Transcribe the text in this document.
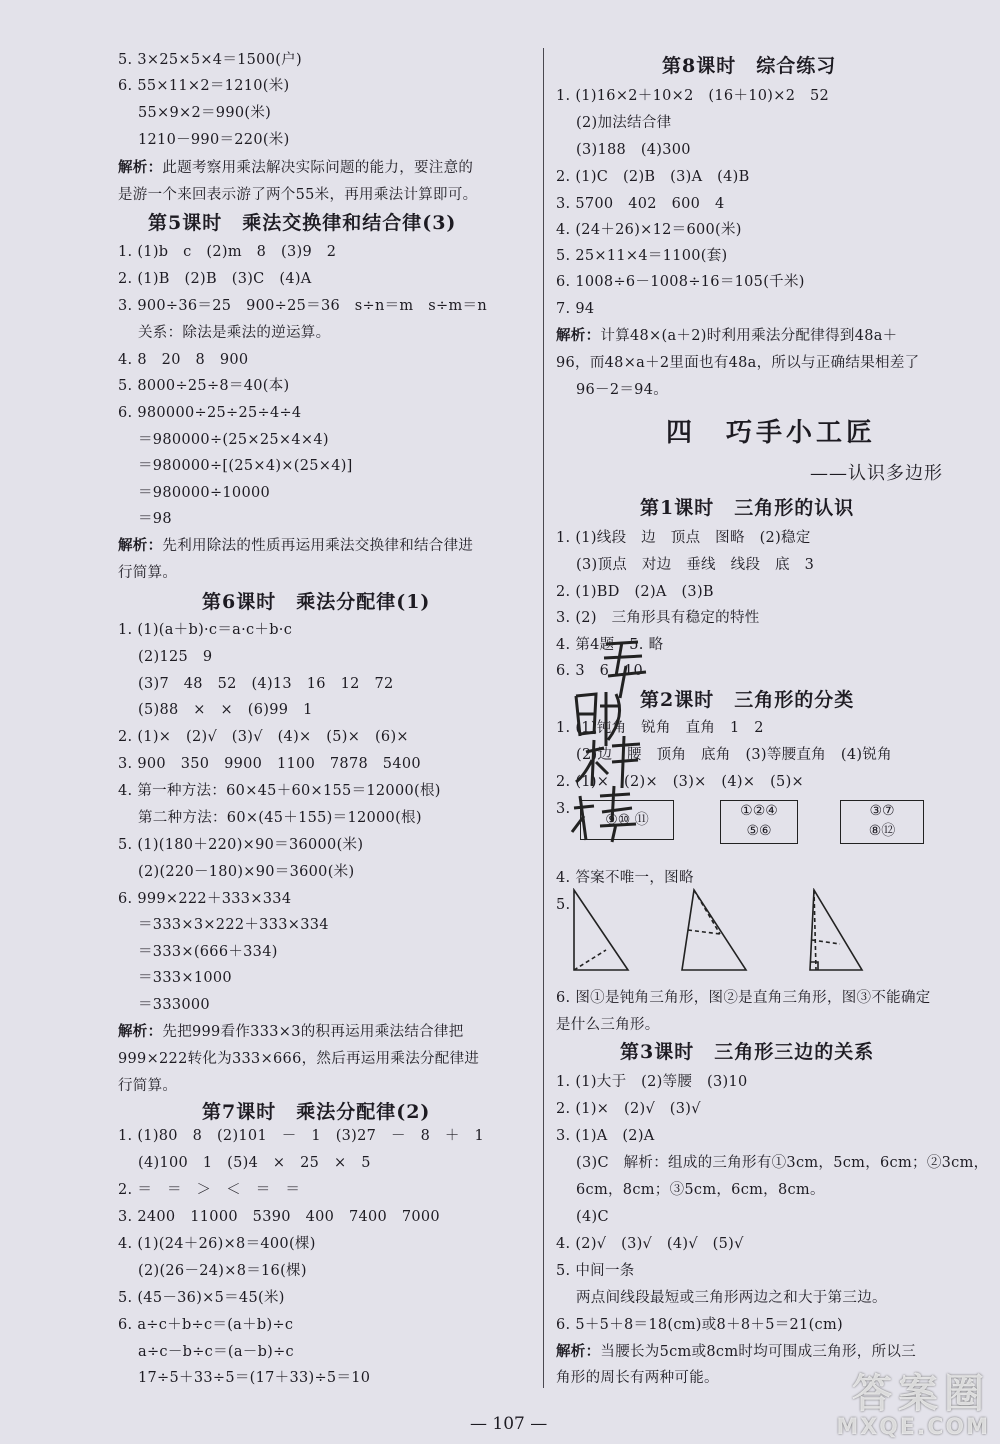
5. 3×25×5×4＝1500(户)
6. 55×11×2＝1210(米)
55×9×2＝990(米)
1210－990＝220(米)
解析：此题考察用乘法解决实际问题的能力，要注意的
是游一个来回表示游了两个55米，再用乘法计算即可。
第5课时　乘法交换律和结合律(3)
1. (1)b　c　(2)m　8　(3)9　2
2. (1)B　(2)B　(3)C　(4)A
3. 900÷36＝25　900÷25＝36　s÷n＝m　s÷m＝n
关系：除法是乘法的逆运算。
4. 8　20　8　900
5. 8000÷25÷8＝40(本)
6. 980000÷25÷25÷4÷4
＝980000÷(25×25×4×4)
＝980000÷[(25×4)×(25×4)]
＝980000÷10000
＝98
解析：先利用除法的性质再运用乘法交换律和结合律进
行简算。
第6课时　乘法分配律(1)
1. (1)(a＋b)·c＝a·c＋b·c
(2)125　9
(3)7　48　52　(4)13　16　12　72
(5)88　×　×　(6)99　1
2. (1)×　(2)√　(3)√　(4)×　(5)×　(6)×
3. 900　350　9900　1100　7878　5400
4. 第一种方法：60×45＋60×155＝12000(根)
第二种方法：60×(45＋155)＝12000(根)
5. (1)(180＋220)×90＝36000(米)
(2)(220－180)×90＝3600(米)
6. 999×222＋333×334
＝333×3×222＋333×334
＝333×(666＋334)
＝333×1000
＝333000
解析：先把999看作333×3的积再运用乘法结合律把
999×222转化为333×666，然后再运用乘法分配律进
行简算。
第7课时　乘法分配律(2)
1. (1)80　8　(2)101　－　1　(3)27　－　8　＋　1
(4)100　1　(5)4　×　25　×　5
2. ＝　＝　＞　＜　＝　＝
3. 2400　11000　5390　400　7400　7000
4. (1)(24＋26)×8＝400(棵)
(2)(26－24)×8＝16(棵)
5. (45－36)×5＝45(米)
6. a÷c＋b÷c＝(a＋b)÷c
a÷c－b÷c＝(a－b)÷c
17÷5＋33÷5＝(17＋33)÷5＝10
第8课时　综合练习
1. (1)16×2＋10×2　(16＋10)×2　52
(2)加法结合律
(3)188　(4)300
2. (1)C　(2)B　(3)A　(4)B
3. 5700　402　600　4
4. (24＋26)×12＝600(米)
5. 25×11×4＝1100(套)
6. 1008÷6－1008÷16＝105(千米)
7. 94
解析：计算48×(a＋2)时利用乘法分配律得到48a＋
96，而48×a＋2里面也有48a，所以与正确结果相差了
96－2＝94。
四　巧手小工匠
——认识多边形
第1课时　三角形的认识
1. (1)线段　边　顶点　图略　(2)稳定
(3)顶点　对边　垂线　线段　底　3
2. (1)BD　(2)A　(3)B
3. (2)　三角形具有稳定的特性
4. 第4题　5. 略
6. 3　6　10
第2课时　三角形的分类
1. (1)钝角　锐角　直角　1　2
(2)边　腰　顶角　底角　(3)等腰直角　(4)锐角
2. (1)×　(2)×　(3)×　(4)×　(5)×
3.
⑨⑩ ⑪
①②④
⑤⑥
③⑦
⑧⑫
4. 答案不唯一，图略
5.
6. 图①是钝角三角形，图②是直角三角形，图③不能确定
是什么三角形。
第3课时　三角形三边的关系
1. (1)大于　(2)等腰　(3)10
2. (1)×　(2)√　(3)√
3. (1)A　(2)A
(3)C　解析：组成的三角形有①3cm，5cm，6cm；②3cm，
6cm，8cm；③5cm，6cm，8cm。
(4)C
4. (2)√　(3)√　(4)√　(5)√
5. 中间一条
两点间线段最短或三角形两边之和大于第三边。
6. 5＋5＋8＝18(cm)或8＋8＋5＝21(cm)
解析：当腰长为5cm或8cm时均可围成三角形，所以三
角形的周长有两种可能。
— 107 —
答案圈
MXQE.COM
